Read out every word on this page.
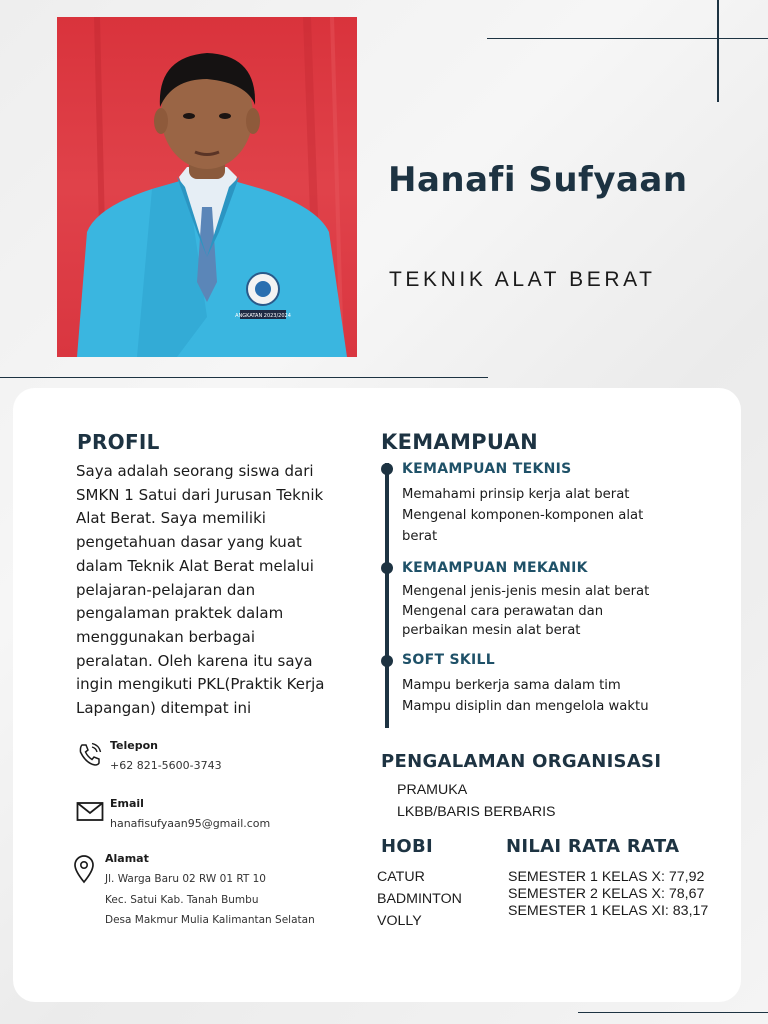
ANGKATAN 2023/2024
Hanafi Sufyaan
TEKNIK ALAT BERAT
PROFIL
Saya adalah seorang siswa dari
SMKN 1 Satui dari Jurusan Teknik
Alat Berat. Saya memiliki
pengetahuan dasar yang kuat
dalam Teknik Alat Berat melalui
pelajaran-pelajaran dan
pengalaman praktek dalam
menggunakan berbagai
peralatan. Oleh karena itu saya
ingin mengikuti PKL(Praktik Kerja
Lapangan) ditempat ini
Telepon
+62 821-5600-3743
Email
hanafisufyaan95@gmail.com
Alamat
Jl. Warga Baru 02 RW 01 RT 10
Kec. Satui Kab. Tanah Bumbu
Desa Makmur Mulia Kalimantan Selatan
KEMAMPUAN
KEMAMPUAN TEKNIS
Memahami prinsip kerja alat berat
Mengenal komponen-komponen alat
berat
KEMAMPUAN MEKANIK
Mengenal jenis-jenis mesin alat berat
Mengenal cara perawatan dan
perbaikan mesin alat berat
SOFT SKILL
Mampu berkerja sama dalam tim
Mampu disiplin dan mengelola waktu
PENGALAMAN ORGANISASI
PRAMUKA
LKBB/BARIS BERBARIS
HOBI
CATUR
BADMINTON
VOLLY
NILAI RATA RATA
SEMESTER 1 KELAS X: 77,92
SEMESTER 2 KELAS X: 78,67
SEMESTER 1 KELAS XI: 83,17
